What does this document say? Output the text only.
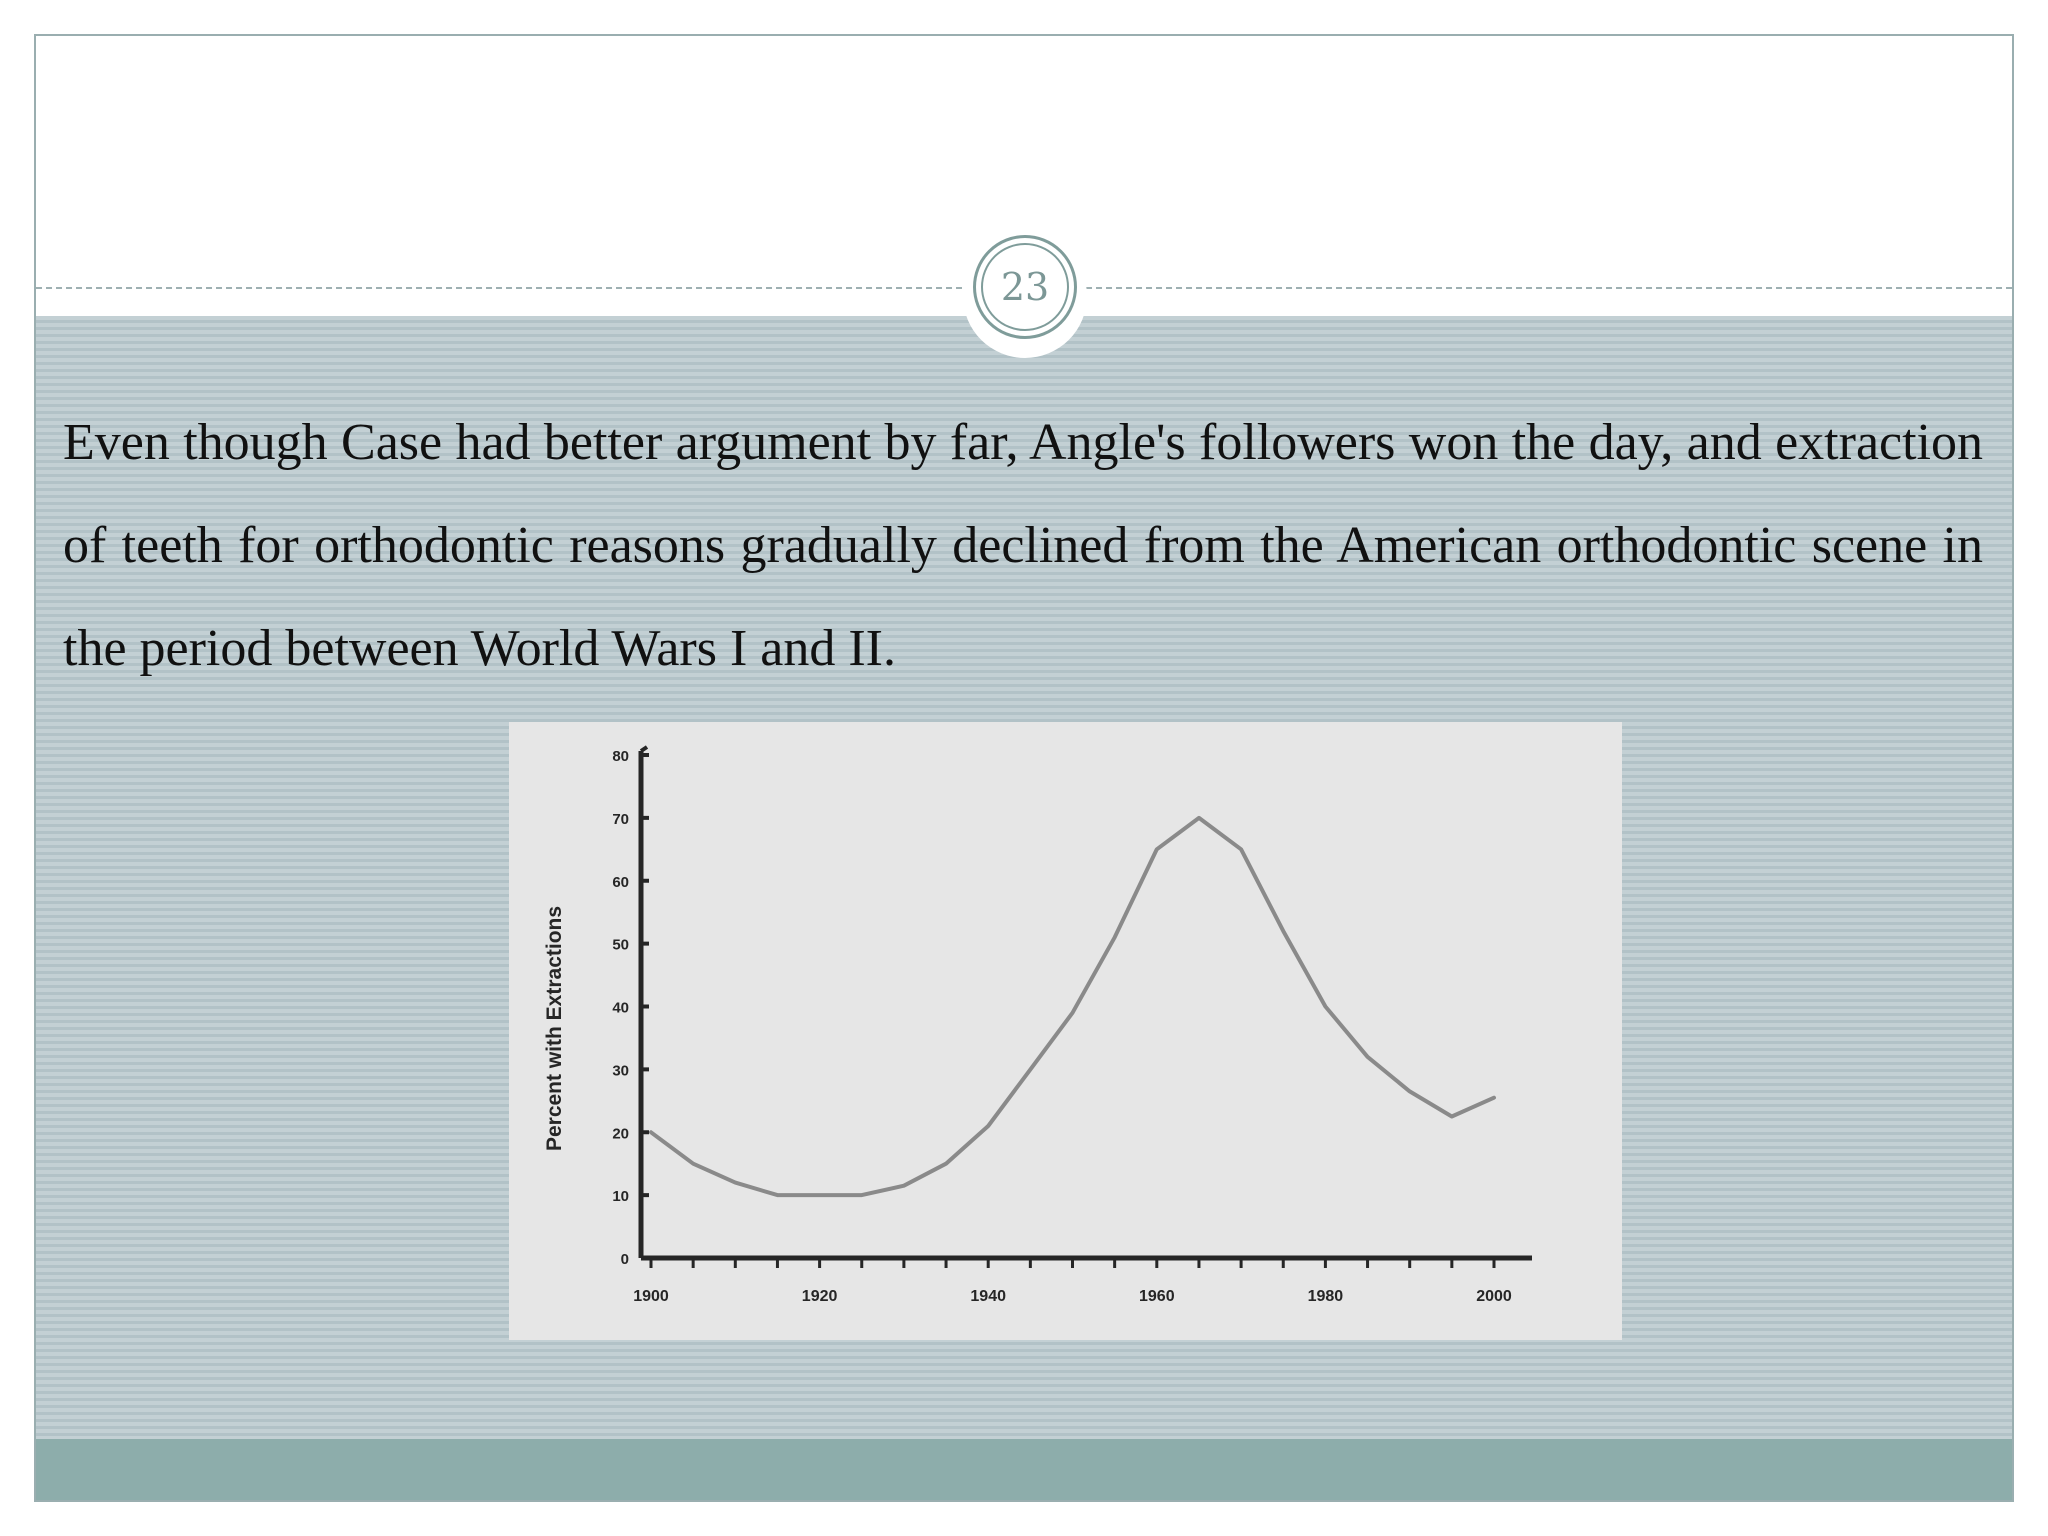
23

Even though Case had better argument by far, Angle's followers won the day, and extraction of teeth for orthodontic reasons gradually declined from the American orthodontic scene in the period between World Wars I and II.

0
10
20
30
40
50
60
70
80
1900	1920	1940	1960	1980	2000
Percent with Extractions
